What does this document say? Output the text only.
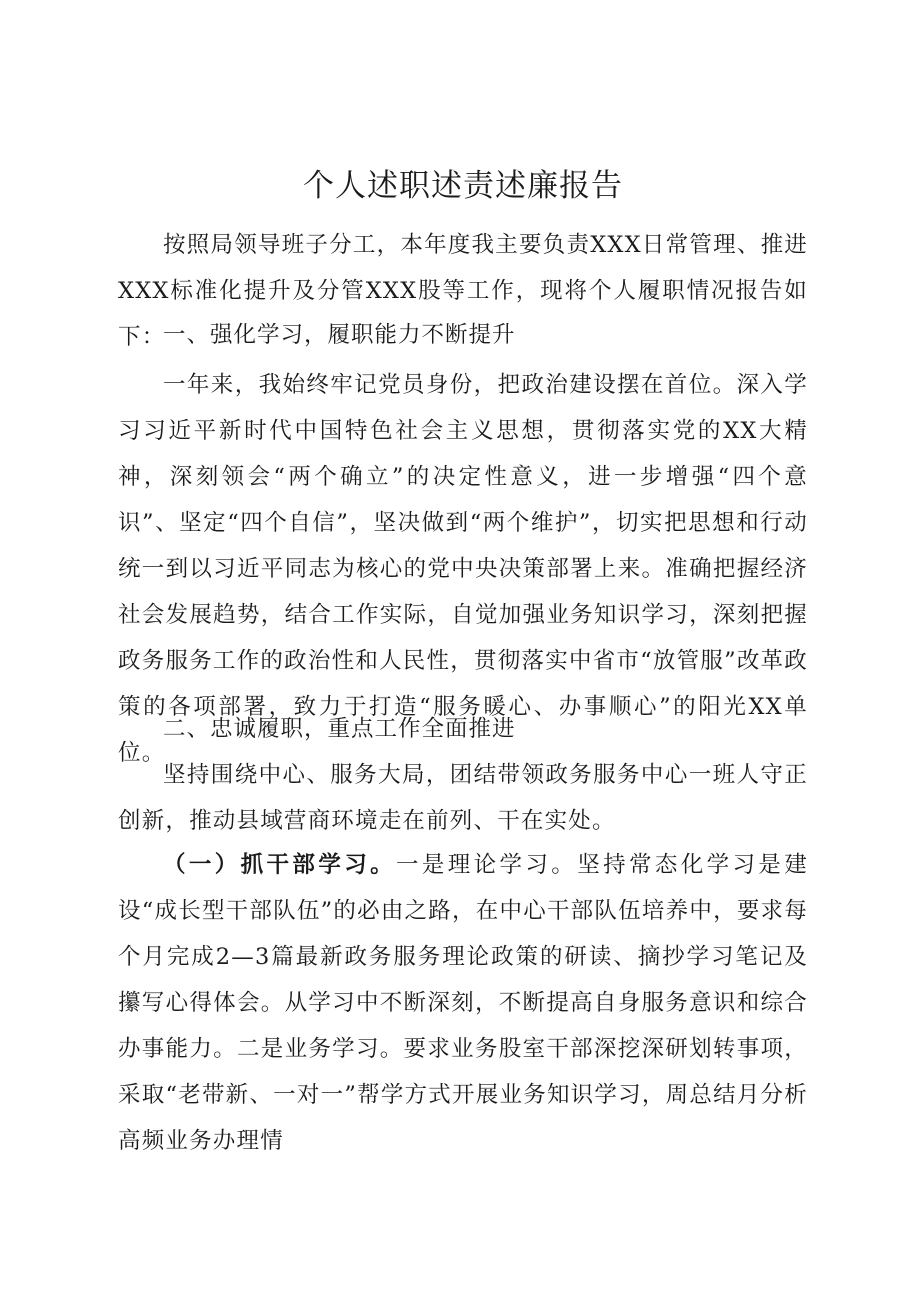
个人述职述责述廉报告

按照局领导班子分工，本年度我主要负责XXX日常管理、推进XXX标准化提升及分管XXX股等工作，现将个人履职情况报告如下：

一、强化学习，履职能力不断提升

一年来，我始终牢记党员身份，把政治建设摆在首位。深入学习习近平新时代中国特色社会主义思想，贯彻落实党的XX大精神，深刻领会“两个确立”的决定性意义，进一步增强“四个意识”、坚定“四个自信”，坚决做到“两个维护”，切实把思想和行动统一到以习近平同志为核心的党中央决策部署上来。准确把握经济社会发展趋势，结合工作实际，自觉加强业务知识学习，深刻把握政务服务工作的政治性和人民性，贯彻落实中省市“放管服”改革政策的各项部署，致力于打造“服务暖心、办事顺心”的阳光XX单位。

二、忠诚履职，重点工作全面推进

坚持围绕中心、服务大局，团结带领政务服务中心一班人守正创新，推动县域营商环境走在前列、干在实处。

（一）抓干部学习。一是理论学习。坚持常态化学习是建设“成长型干部队伍”的必由之路，在中心干部队伍培养中，要求每个月完成2—3篇最新政务服务理论政策的研读、摘抄学习笔记及攥写心得体会。从学习中不断深刻，不断提高自身服务意识和综合办事能力。二是业务学习。要求业务股室干部深挖深研划转事项，采取“老带新、一对一”帮学方式开展业务知识学习，周总结月分析高频业务办理情
